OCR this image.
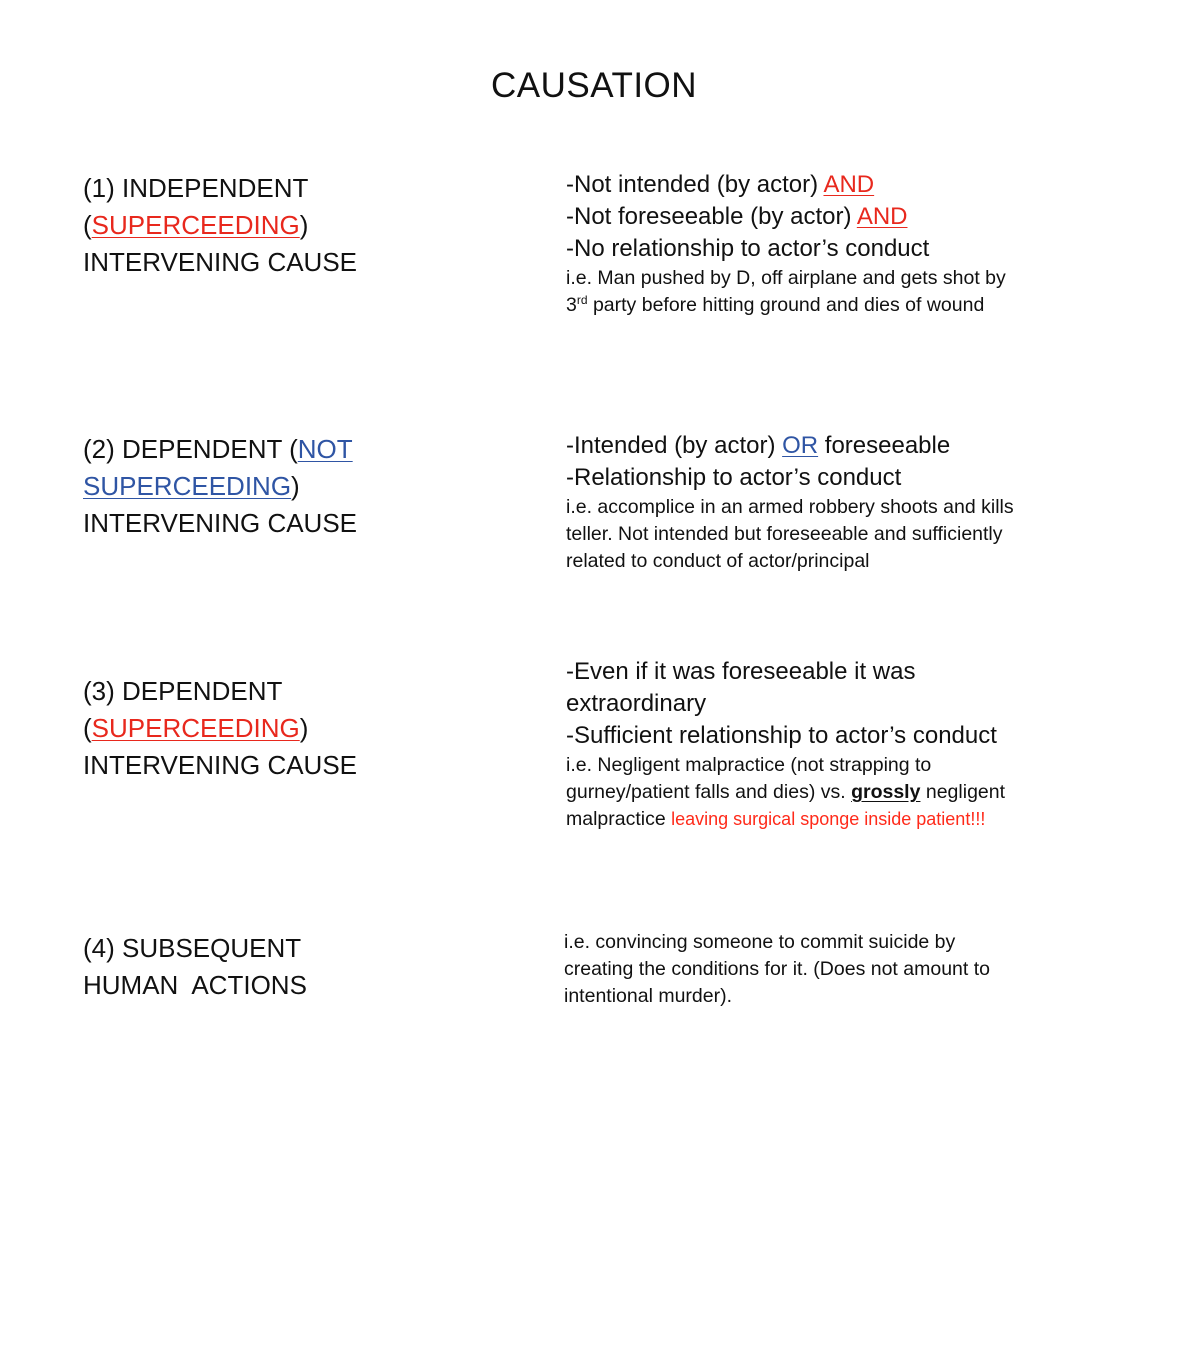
CAUSATION
(1) INDEPENDENT
(SUPERCEEDING)
INTERVENING CAUSE
-Not intended (by actor) AND
-Not foreseeable (by actor) AND
-No relationship to actor’s conduct
i.e. Man pushed by D, off airplane and gets shot by
3rd party before hitting ground and dies of wound
(2) DEPENDENT (NOT
SUPERCEEDING)
INTERVENING CAUSE
-Intended (by actor) OR foreseeable
-Relationship to actor’s conduct
i.e. accomplice in an armed robbery shoots and kills
teller. Not intended but foreseeable and sufficiently
related to conduct of actor/principal
(3) DEPENDENT
(SUPERCEEDING)
INTERVENING CAUSE
-Even if it was foreseeable it was
extraordinary
-Sufficient relationship to actor’s conduct
i.e. Negligent malpractice (not strapping to
gurney/patient falls and dies) vs. grossly negligent
malpractice leaving surgical sponge inside patient!!!
(4) SUBSEQUENT
HUMAN  ACTIONS
i.e. convincing someone to commit suicide by
creating the conditions for it. (Does not amount to
intentional murder).
